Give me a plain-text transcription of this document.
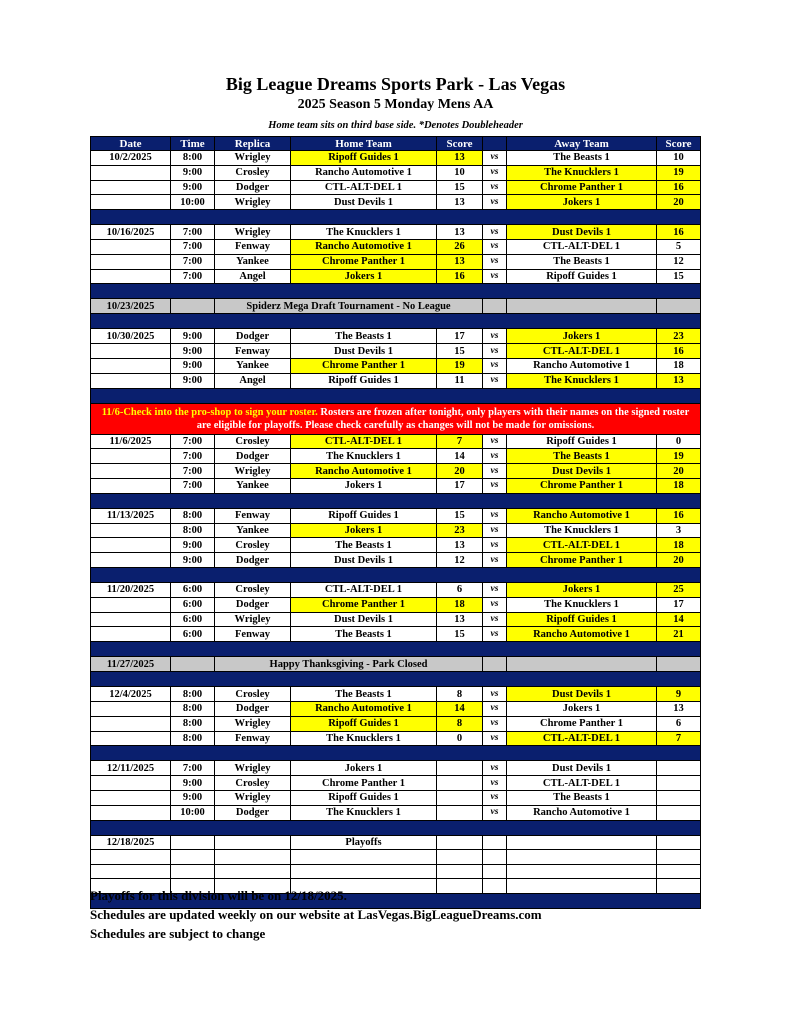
Big League Dreams Sports Park - Las Vegas
2025 Season 5 Monday Mens AA
Home team sits on third base side. *Denotes Doubleheader
Date	Time	Replica	Home Team	Score		Away Team	Score
10/2/2025	8:00	Wrigley	Ripoff Guides 1	13	vs	The Beasts 1	10
	9:00	Crosley	Rancho Automotive 1	10	vs	The Knucklers 1	19
	9:00	Dodger	CTL-ALT-DEL 1	15	vs	Chrome Panther 1	16
	10:00	Wrigley	Dust Devils 1	13	vs	Jokers 1	20

10/16/2025	7:00	Wrigley	The Knucklers 1	13	vs	Dust Devils 1	16
	7:00	Fenway	Rancho Automotive 1	26	vs	CTL-ALT-DEL 1	5
	7:00	Yankee	Chrome Panther 1	13	vs	The Beasts 1	12
	7:00	Angel	Jokers 1	16	vs	Ripoff Guides 1	15

10/23/2025		Spiderz Mega Draft Tournament - No League					

10/30/2025	9:00	Dodger	The Beasts 1	17	vs	Jokers 1	23
	9:00	Fenway	Dust Devils 1	15	vs	CTL-ALT-DEL 1	16
	9:00	Yankee	Chrome Panther 1	19	vs	Rancho Automotive 1	18
	9:00	Angel	Ripoff Guides 1	11	vs	The Knucklers 1	13

11/6-Check into the pro-shop to sign your roster. Rosters are frozen after tonight, only players with their names on the signed roster are eligible for playoffs. Please check carefully as changes will not be made for omissions.							
11/6/2025	7:00	Crosley	CTL-ALT-DEL 1	7	vs	Ripoff Guides 1	0
	7:00	Dodger	The Knucklers 1	14	vs	The Beasts 1	19
	7:00	Wrigley	Rancho Automotive 1	20	vs	Dust Devils 1	20
	7:00	Yankee	Jokers 1	17	vs	Chrome Panther 1	18

11/13/2025	8:00	Fenway	Ripoff Guides 1	15	vs	Rancho Automotive 1	16
	8:00	Yankee	Jokers 1	23	vs	The Knucklers 1	3
	9:00	Crosley	The Beasts 1	13	vs	CTL-ALT-DEL 1	18
	9:00	Dodger	Dust Devils 1	12	vs	Chrome Panther 1	20

11/20/2025	6:00	Crosley	CTL-ALT-DEL 1	6	vs	Jokers 1	25
	6:00	Dodger	Chrome Panther 1	18	vs	The Knucklers 1	17
	6:00	Wrigley	Dust Devils 1	13	vs	Ripoff Guides 1	14
	6:00	Fenway	The Beasts 1	15	vs	Rancho Automotive 1	21

11/27/2025		Happy Thanksgiving - Park Closed					

12/4/2025	8:00	Crosley	The Beasts 1	8	vs	Dust Devils 1	9
	8:00	Dodger	Rancho Automotive 1	14	vs	Jokers 1	13
	8:00	Wrigley	Ripoff Guides 1	8	vs	Chrome Panther 1	6
	8:00	Fenway	The Knucklers 1	0	vs	CTL-ALT-DEL 1	7

12/11/2025	7:00	Wrigley	Jokers 1		vs	Dust Devils 1	
	9:00	Crosley	Chrome Panther 1		vs	CTL-ALT-DEL 1	
	9:00	Wrigley	Ripoff Guides 1		vs	The Beasts 1	
	10:00	Dodger	The Knucklers 1		vs	Rancho Automotive 1	

12/18/2025			Playoffs				

Playoffs for this division will be on 12/18/2025.
Schedules are updated weekly on our website at LasVegas.BigLeagueDreams.com
Schedules are subject to change
